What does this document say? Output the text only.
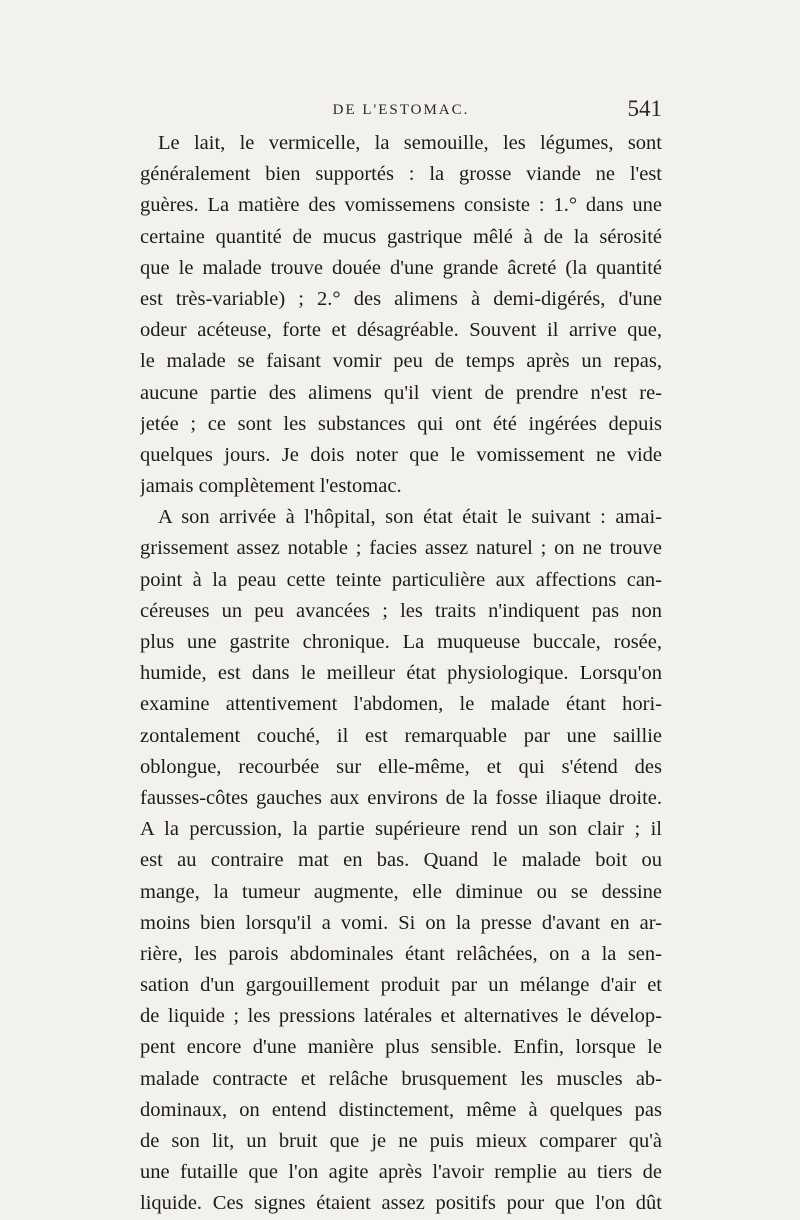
DE L'ESTOMAC.	541
Le lait, le vermicelle, la semouille, les légumes, sont
généralement bien supportés : la grosse viande ne l'est
guères. La matière des vomissemens consiste : 1.° dans une
certaine quantité de mucus gastrique mêlé à de la sérosité
que le malade trouve douée d'une grande âcreté (la quantité
est très-variable) ; 2.° des alimens à demi-digérés, d'une
odeur acéteuse, forte et désagréable. Souvent il arrive que,
le malade se faisant vomir peu de temps après un repas,
aucune partie des alimens qu'il vient de prendre n'est re-
jetée ; ce sont les substances qui ont été ingérées depuis
quelques jours. Je dois noter que le vomissement ne vide
jamais complètement l'estomac.
A son arrivée à l'hôpital, son état était le suivant : amai-
grissement assez notable ; facies assez naturel ; on ne trouve
point à la peau cette teinte particulière aux affections can-
céreuses un peu avancées ; les traits n'indiquent pas non
plus une gastrite chronique. La muqueuse buccale, rosée,
humide, est dans le meilleur état physiologique. Lorsqu'on
examine attentivement l'abdomen, le malade étant hori-
zontalement couché, il est remarquable par une saillie
oblongue, recourbée sur elle-même, et qui s'étend des
fausses-côtes gauches aux environs de la fosse iliaque droite.
A la percussion, la partie supérieure rend un son clair ; il
est au contraire mat en bas. Quand le malade boit ou
mange, la tumeur augmente, elle diminue ou se dessine
moins bien lorsqu'il a vomi. Si on la presse d'avant en ar-
rière, les parois abdominales étant relâchées, on a la sen-
sation d'un gargouillement produit par un mélange d'air et
de liquide ; les pressions latérales et alternatives le dévelop-
pent encore d'une manière plus sensible. Enfin, lorsque le
malade contracte et relâche brusquement les muscles ab-
dominaux, on entend distinctement, même à quelques pas
de son lit, un bruit que je ne puis mieux comparer qu'à
une futaille que l'on agite après l'avoir remplie au tiers de
liquide. Ces signes étaient assez positifs pour que l'on dût
